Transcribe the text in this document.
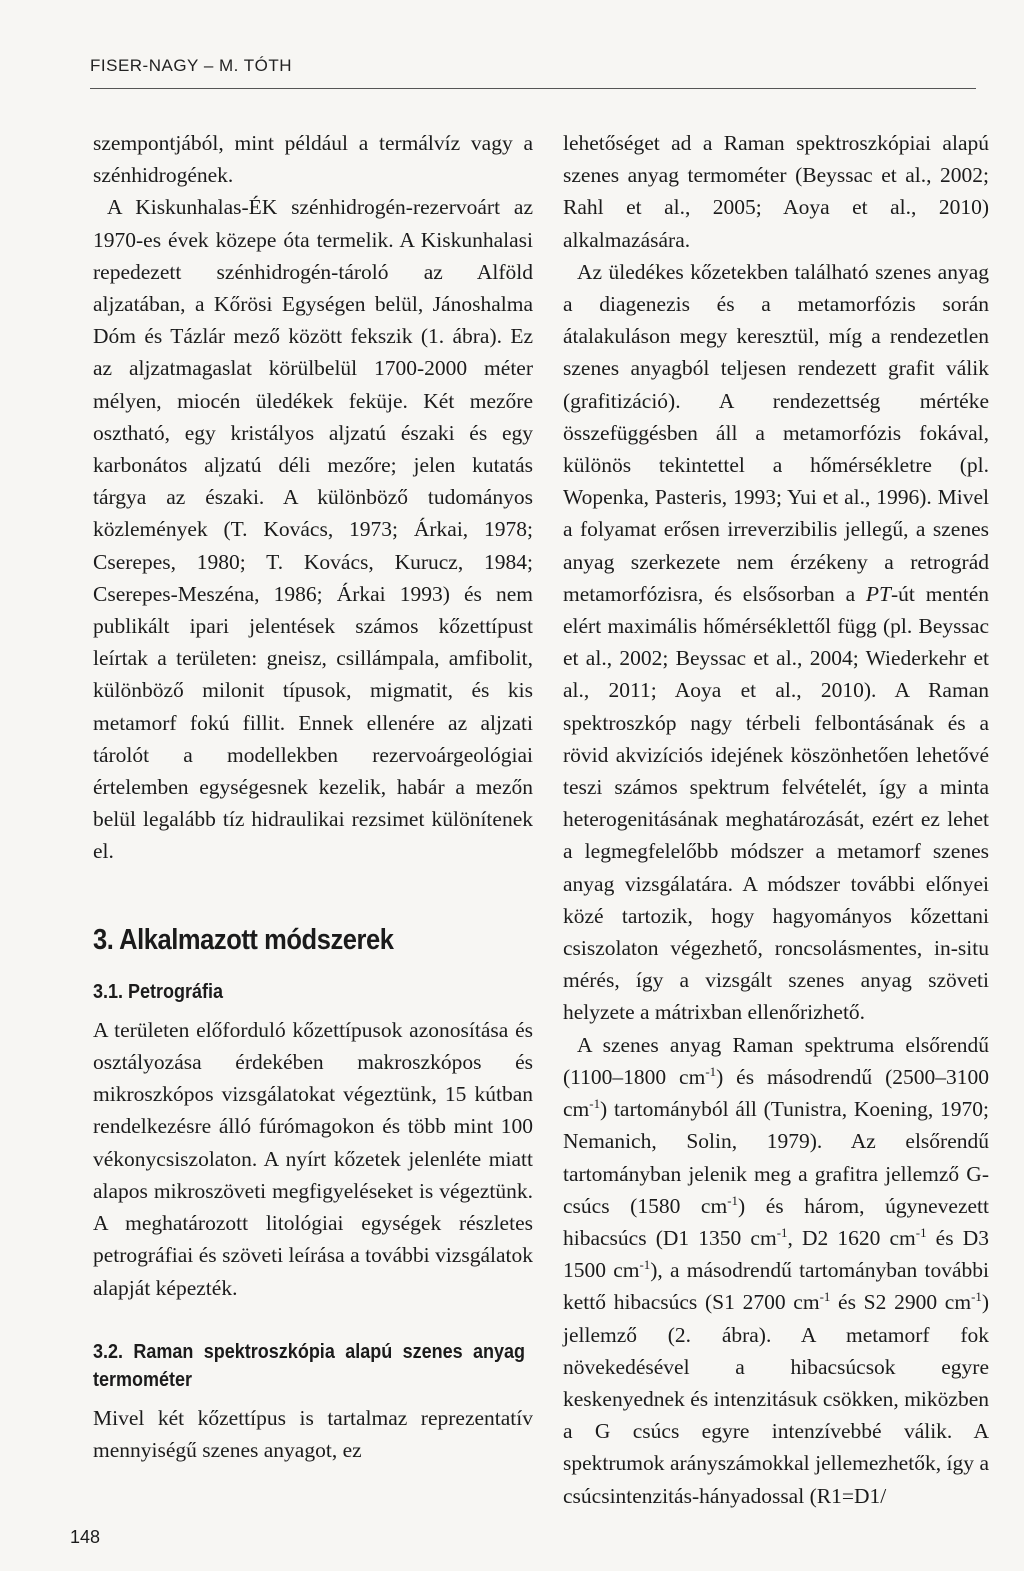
FISER-NAGY – M. TÓTH

szempontjából, mint például a termálvíz vagy a szénhidrogének.

A Kiskunhalas-ÉK szénhidrogén-rezervoárt az 1970-es évek közepe óta termelik. A Kiskunhalasi repedezett szénhidrogén-tároló az Alföld aljzatában, a Kőrösi Egységen belül, Jánoshalma Dóm és Tázlár mező között fekszik (1. ábra). Ez az aljzatmagaslat körülbelül 1700-2000 méter mélyen, miocén üledékek feküje. Két mezőre osztható, egy kristályos aljzatú északi és egy karbonátos aljzatú déli mezőre; jelen kutatás tárgya az északi. A különböző tudományos közlemények (T. Kovács, 1973; Árkai, 1978; Cserepes, 1980; T. Kovács, Kurucz, 1984; Cserepes-Meszéna, 1986; Árkai 1993) és nem publikált ipari jelentések számos kőzettípust leírtak a területen: gneisz, csillámpala, amfibolit, különböző milonit típusok, migmatit, és kis metamorf fokú fillit. Ennek ellenére az aljzati tárolót a modellekben rezervoárgeológiai értelemben egységesnek kezelik, habár a mezőn belül legalább tíz hidraulikai rezsimet különítenek el.

3. Alkalmazott módszerek
3.1. Petrográfia

A területen előforduló kőzettípusok azonosítása és osztályozása érdekében makroszkópos és mikroszkópos vizsgálatokat végeztünk, 15 kútban rendelkezésre álló fúrómagokon és több mint 100 vékonycsiszolaton. A nyírt kőzetek jelenléte miatt alapos mikroszöveti megfigyeléseket is végeztünk. A meghatározott litológiai egységek részletes petrográfiai és szöveti leírása a további vizsgálatok alapját képezték.

3.2. Raman spektroszkópia alapú szenes anyag termométer

Mivel két kőzettípus is tartalmaz reprezentatív mennyiségű szenes anyagot, ez

lehetőséget ad a Raman spektroszkópiai alapú szenes anyag termométer (Beyssac et al., 2002; Rahl et al., 2005; Aoya et al., 2010) alkalmazására.

Az üledékes kőzetekben található szenes anyag a diagenezis és a metamorfózis során átalakuláson megy keresztül, míg a rendezetlen szenes anyagból teljesen rendezett grafit válik (grafitizáció). A rendezettség mértéke összefüggésben áll a metamorfózis fokával, különös tekintettel a hőmérsékletre (pl. Wopenka, Pasteris, 1993; Yui et al., 1996). Mivel a folyamat erősen irreverzibilis jellegű, a szenes anyag szerkezete nem érzékeny a retrográd metamorfózisra, és elsősorban a PT-út mentén elért maximális hőmérséklettől függ (pl. Beyssac et al., 2002; Beyssac et al., 2004; Wiederkehr et al., 2011; Aoya et al., 2010). A Raman spektroszkóp nagy térbeli felbontásának és a rövid akvizíciós idejének köszönhetően lehetővé teszi számos spektrum felvételét, így a minta heterogenitásának meghatározását, ezért ez lehet a legmegfelelőbb módszer a metamorf szenes anyag vizsgálatára. A módszer további előnyei közé tartozik, hogy hagyományos kőzettani csiszolaton végezhető, roncsolásmentes, in-situ mérés, így a vizsgált szenes anyag szöveti helyzete a mátrixban ellenőrizhető.

A szenes anyag Raman spektruma elsőrendű (1100–1800 $cm^{-1}$) és másodrendű (2500–3100 $cm^{-1}$) tartományból áll (Tunistra, Koening, 1970; Nemanich, Solin, 1979). Az elsőrendű tartományban jelenik meg a grafitra jellemző G-csúcs (1580 $cm^{-1}$) és három, úgynevezett hibacsúcs (D1 1350 $cm^{-1}$, D2 1620 $cm^{-1}$ és D3 1500 $cm^{-1}$), a másodrendű tartományban további kettő hibacsúcs (S1 2700 $cm^{-1}$ és S2 2900 $cm^{-1}$) jellemző (2. ábra). A metamorf fok növekedésével a hibacsúcsok egyre keskenyednek és intenzitásuk csökken, miközben a G csúcs egyre intenzívebbé válik. A spektrumok arányszámokkal jellemezhetők, így a csúcsintenzitás-hányadossal (R1=D1/

148
